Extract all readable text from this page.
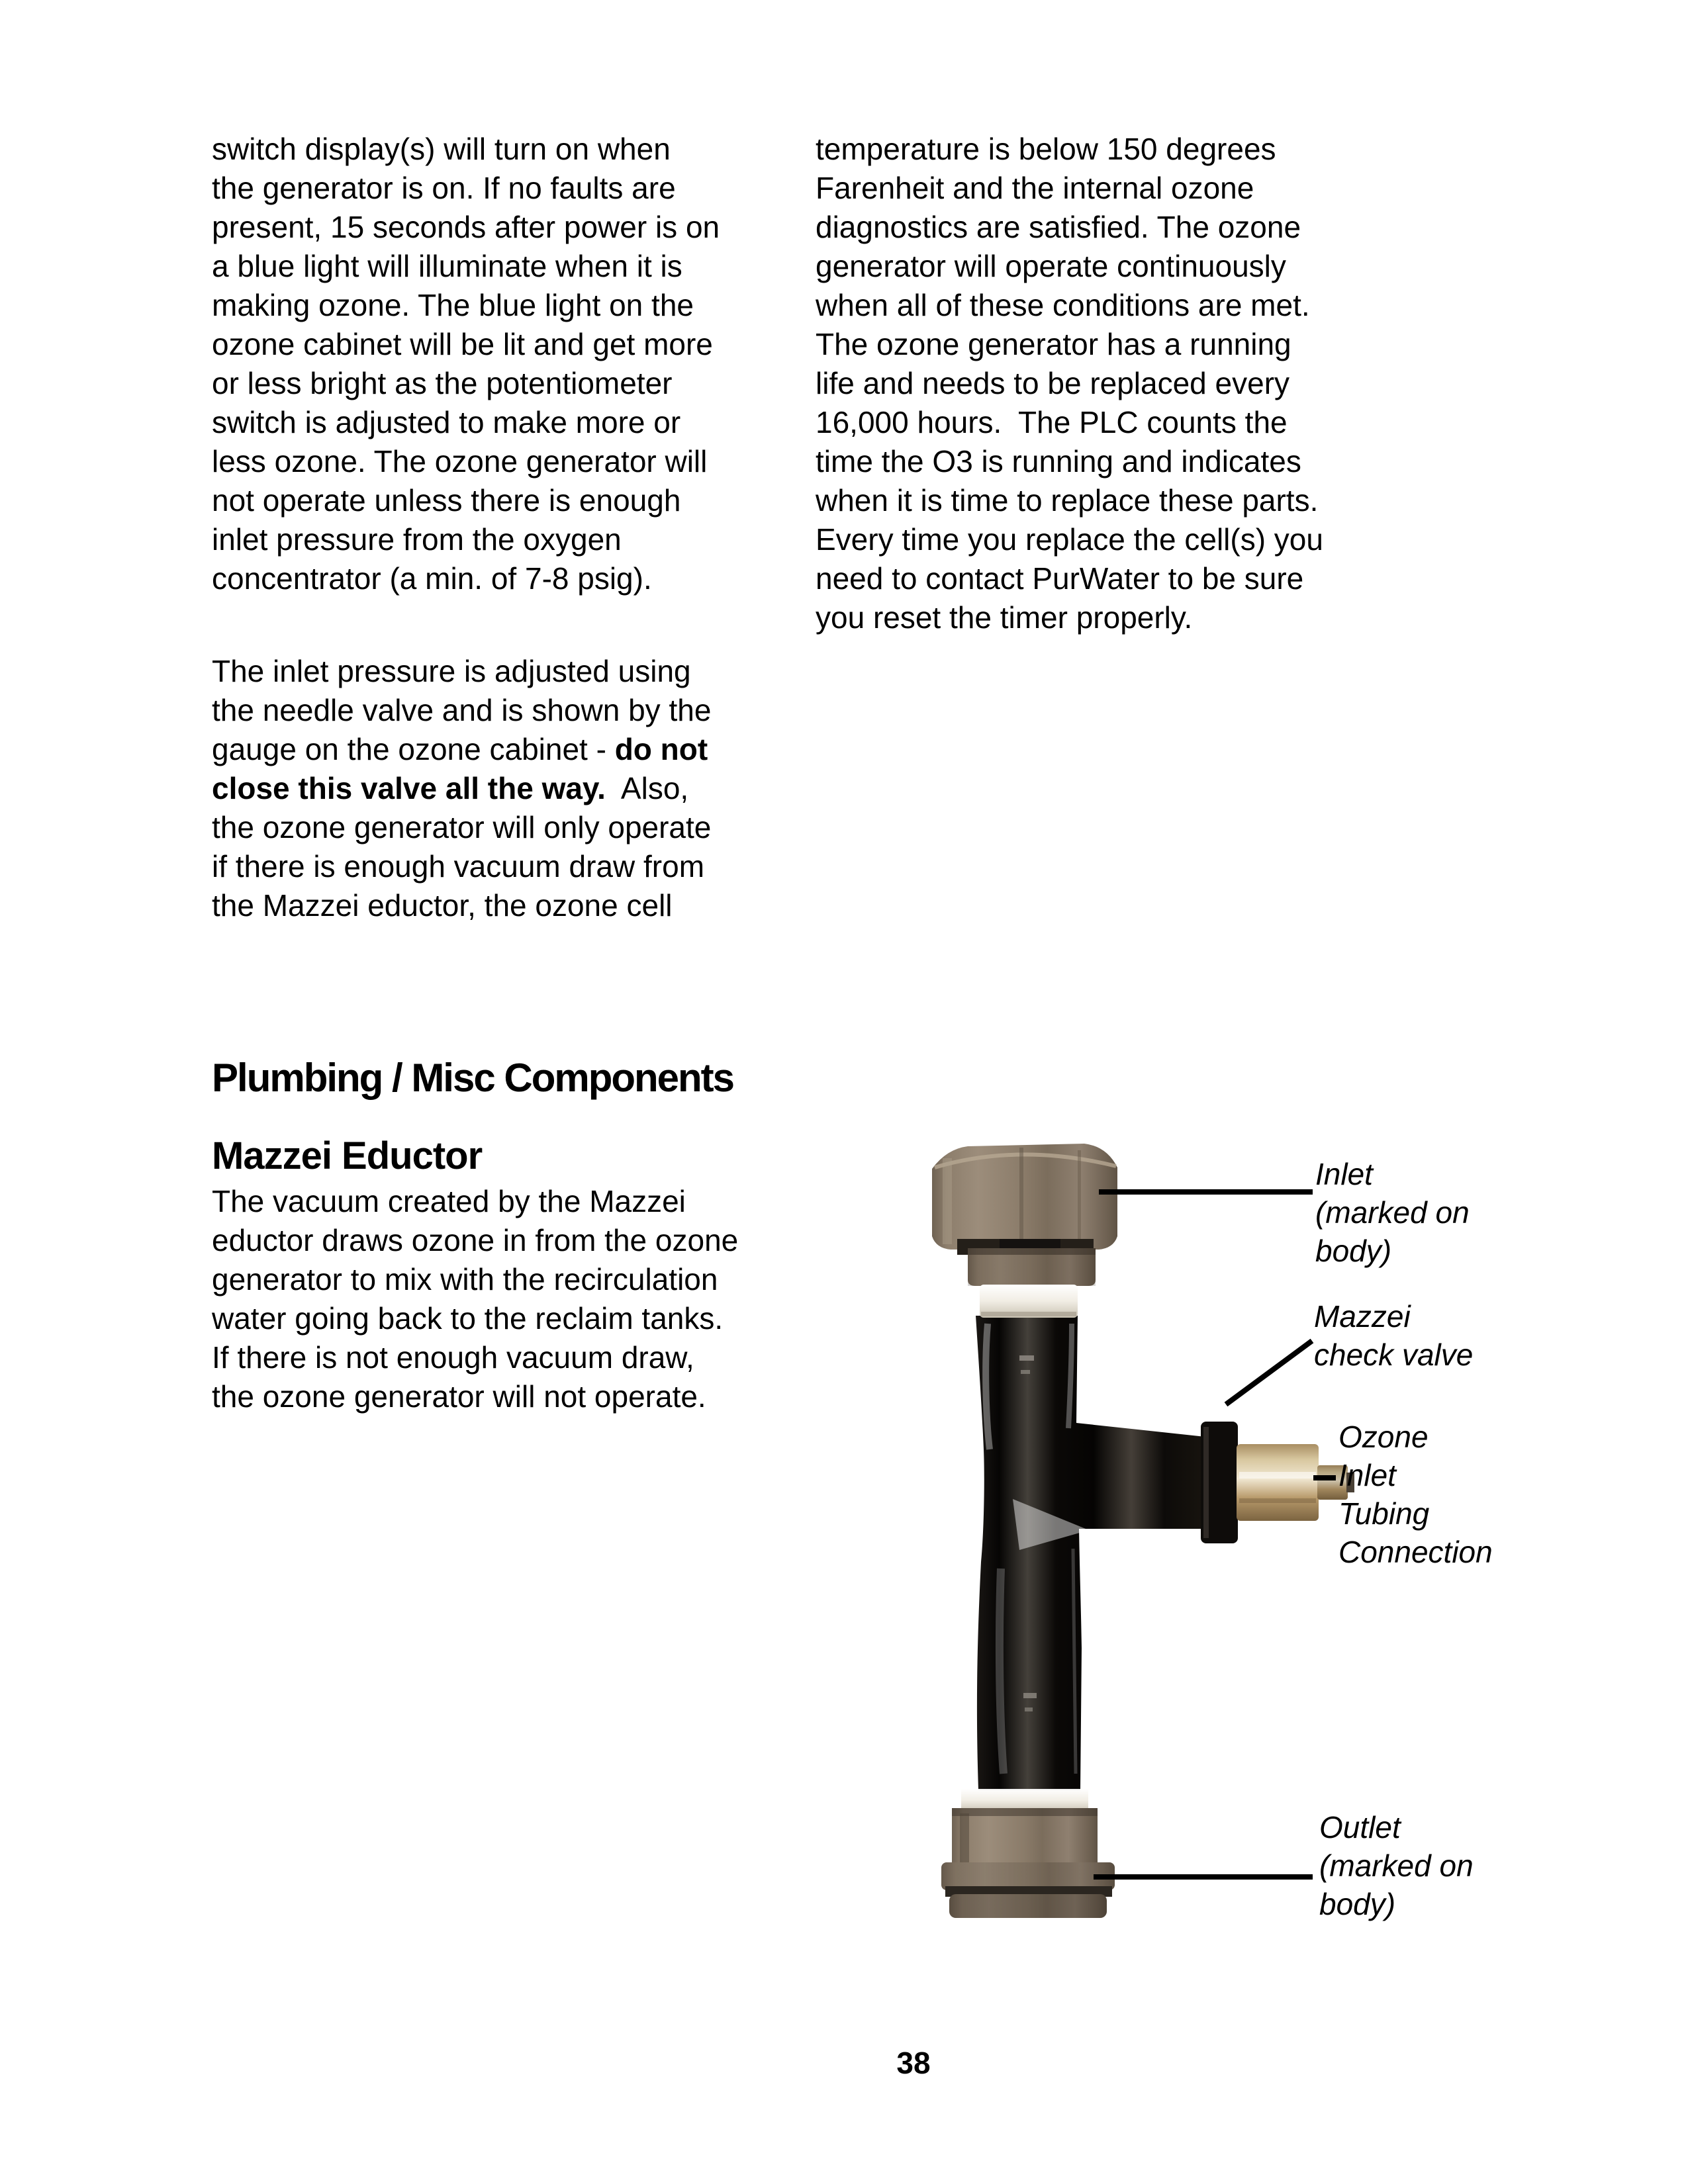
switch display(s) will turn on when
the generator is on. If no faults are
present, 15 seconds after power is on
a blue light will illuminate when it is
making ozone. The blue light on the
ozone cabinet will be lit and get more
or less bright as the potentiometer
switch is adjusted to make more or
less ozone. The ozone generator will
not operate unless there is enough
inlet pressure from the oxygen
concentrator (a min. of 7-8 psig).
The inlet pressure is adjusted using
the needle valve and is shown by the
gauge on the ozone cabinet - do not
close this valve all the way.  Also,
the ozone generator will only operate
if there is enough vacuum draw from
the Mazzei eductor, the ozone cell
temperature is below 150 degrees
Farenheit and the internal ozone
diagnostics are satisfied. The ozone
generator will operate continuously
when all of these conditions are met.
The ozone generator has a running
life and needs to be replaced every
16,000 hours.  The PLC counts the
time the O3 is running and indicates
when it is time to replace these parts.
Every time you replace the cell(s) you
need to contact PurWater to be sure
you reset the timer properly.
Plumbing / Misc Components
Mazzei Eductor
The vacuum created by the Mazzei
eductor draws ozone in from the ozone
generator to mix with the recirculation
water going back to the reclaim tanks.
If there is not enough vacuum draw,
the ozone generator will not operate.
Inlet
(marked on
body)
Mazzei
check valve
Ozone
Inlet
Tubing
Connection
Outlet
(marked on
body)
38
